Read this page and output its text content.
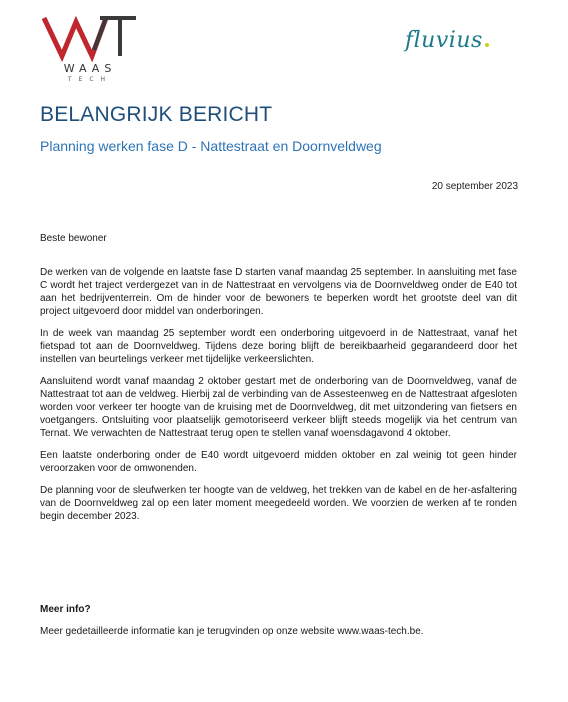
WAAS
TECH
fluvius
BELANGRIJK BERICHT
Planning werken fase D - Nattestraat en Doornveldweg
20 september 2023
Beste bewoner

De werken van de volgende en laatste fase D starten vanaf maandag 25 september. In aansluiting met fase C wordt het traject verdergezet van in de Nattestraat en vervolgens via de Doornveldweg onder de E40 tot aan het bedrijventerrein. Om de hinder voor de bewoners te beperken wordt het grootste deel van dit project uitgevoerd door middel van onderboringen.

In de week van maandag 25 september wordt een onderboring uitgevoerd in de Nattestraat, vanaf het fietspad tot aan de Doornveldweg. Tijdens deze boring blijft de bereikbaarheid gegarandeerd door het instellen van beurtelings verkeer met tijdelijke verkeerslichten.

Aansluitend wordt vanaf maandag 2 oktober gestart met de onderboring van de Doornveldweg, vanaf de Nattestraat tot aan de veldweg. Hierbij zal de verbinding van de Assesteenweg en de Nattestraat afgesloten worden voor verkeer ter hoogte van de kruising met de Doornveldweg, dit met uitzondering van fietsers en voetgangers. Ontsluiting voor plaatselijk gemotoriseerd verkeer blijft steeds mogelijk via het centrum van Ternat. We verwachten de Nattestraat terug open te stellen vanaf woensdagavond 4 oktober.

Een laatste onderboring onder de E40 wordt uitgevoerd midden oktober en zal weinig tot geen hinder veroorzaken voor de omwonenden.

De planning voor de sleufwerken ter hoogte van de veldweg, het trekken van de kabel en de her-asfaltering van de Doornveldweg zal op een later moment meegedeeld worden. We voorzien de werken af te ronden begin december 2023.

Meer info?
Meer gedetailleerde informatie kan je terugvinden op onze website www.waas-tech.be.
